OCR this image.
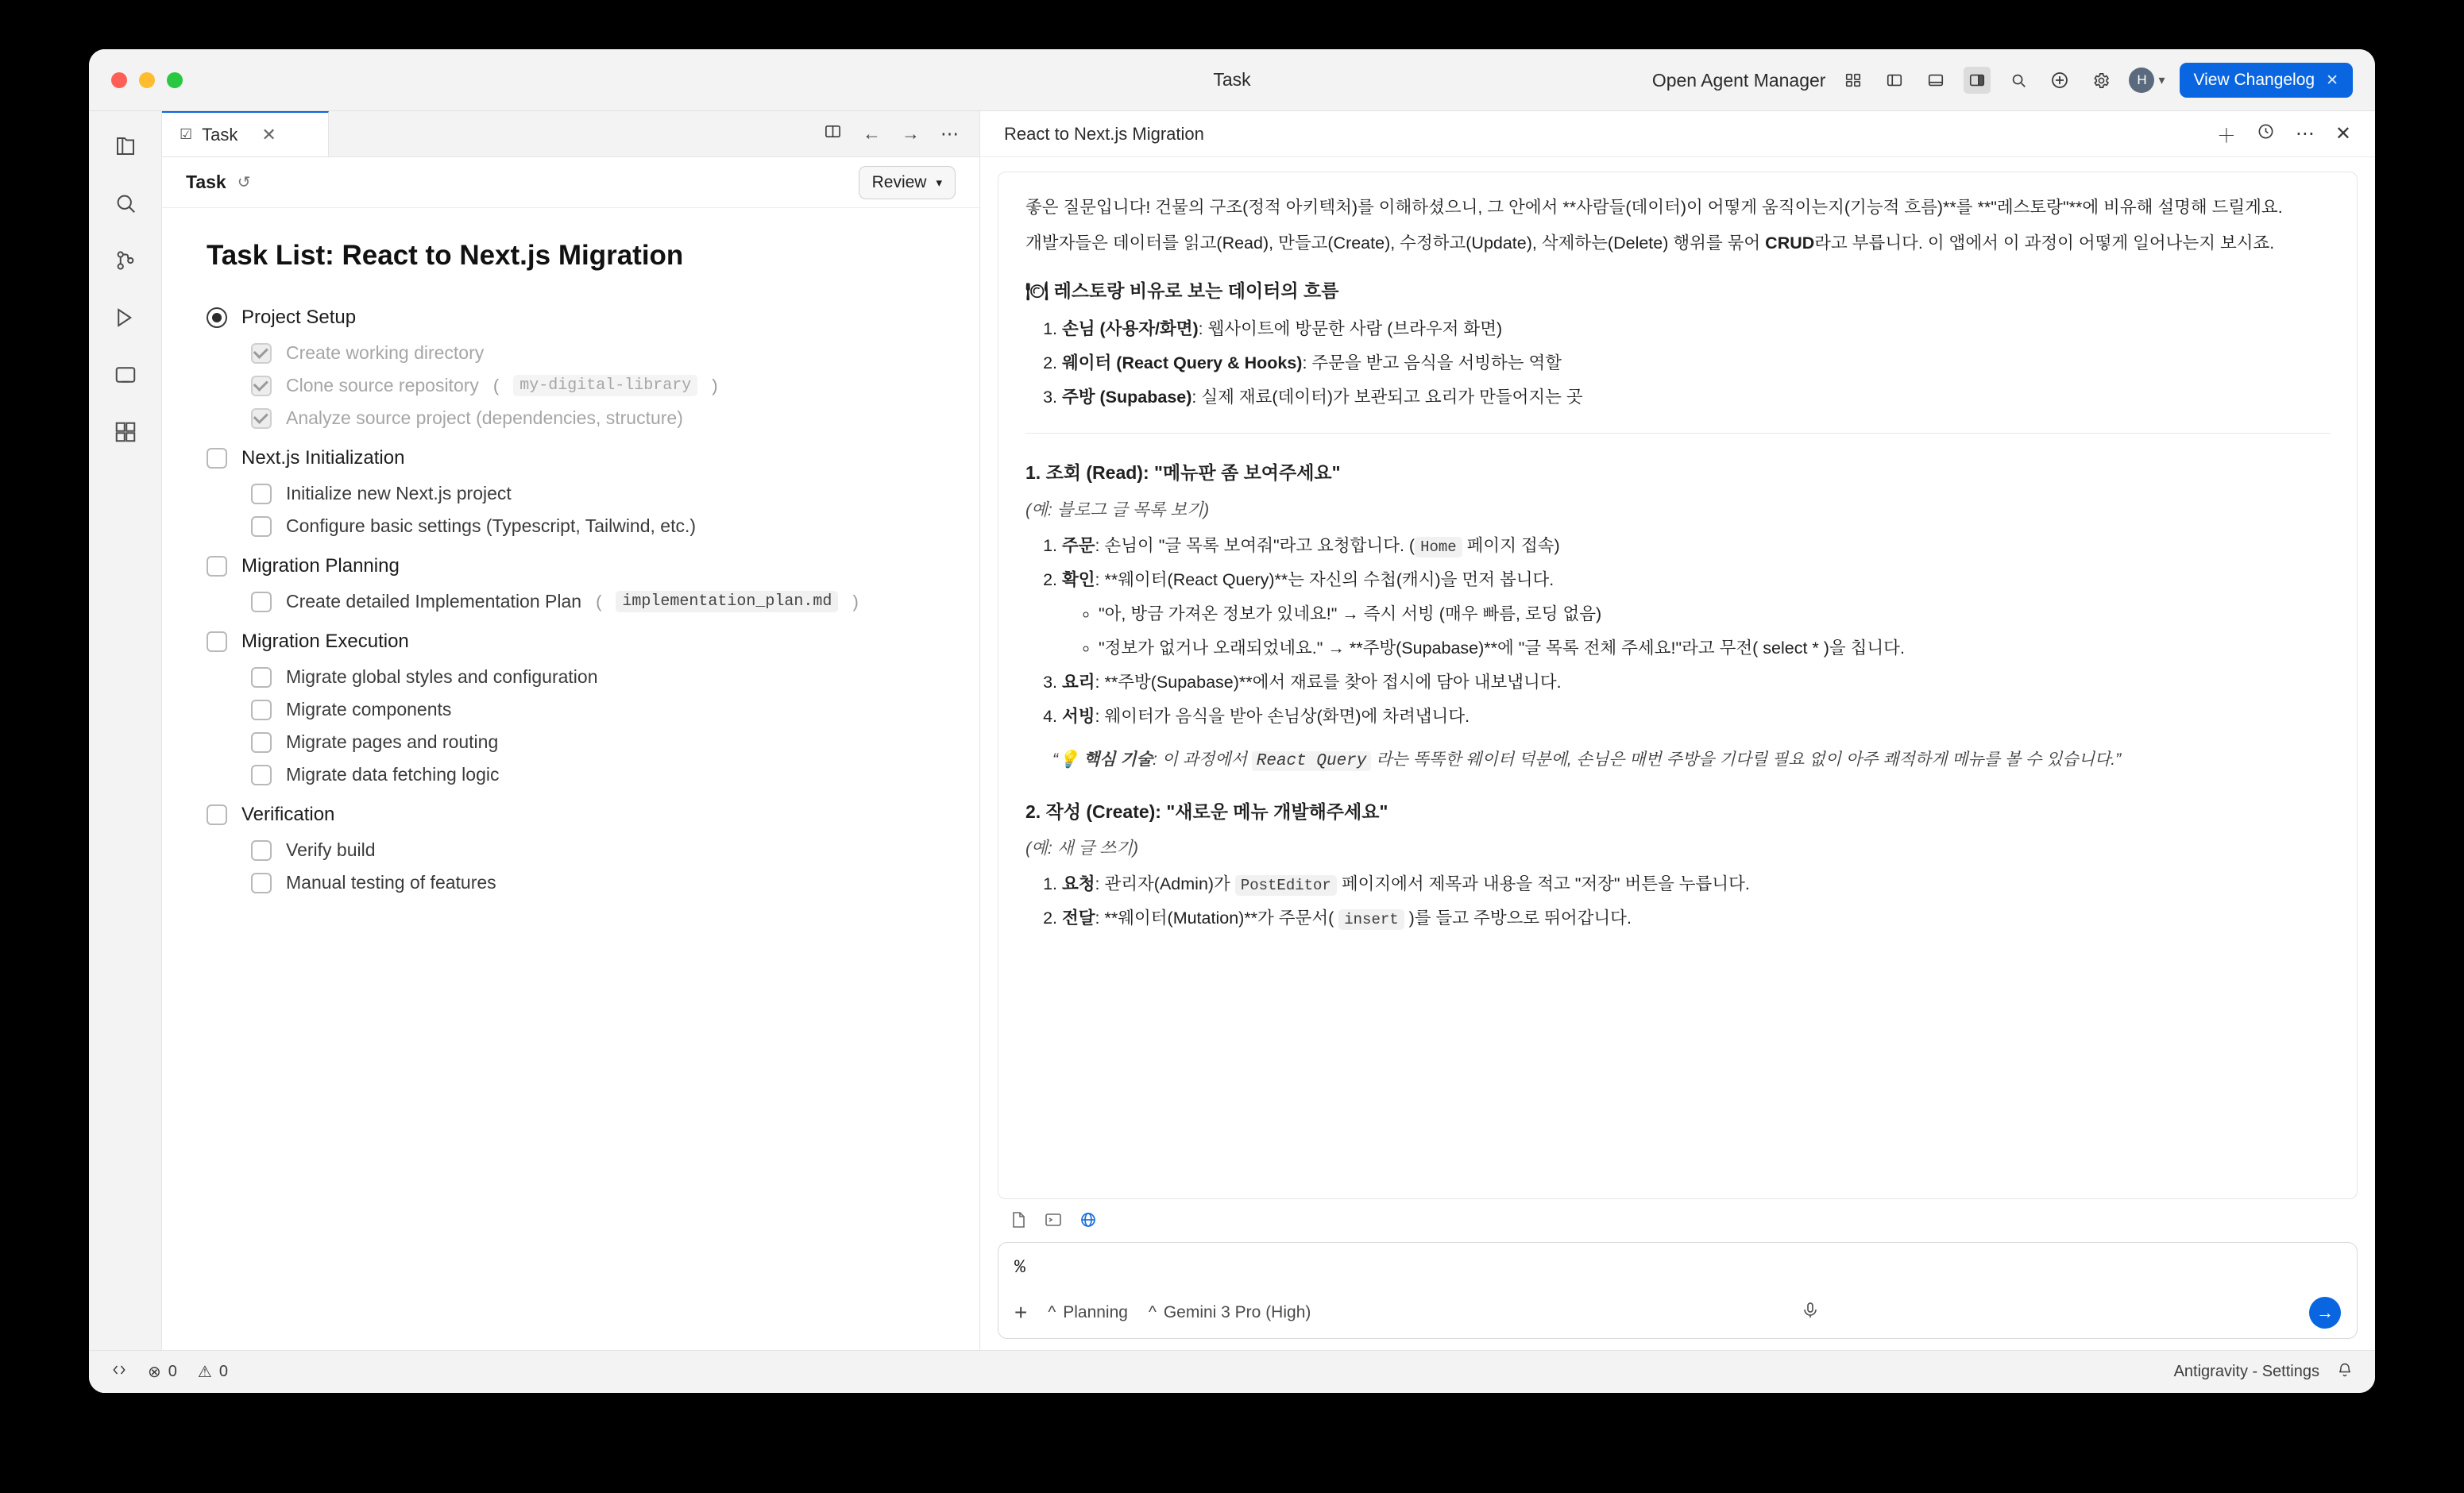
Task	Open Agent Manager	H ▾ View Changelog ✕
☑ Task ✕	← → ⋯
Task ↺	Review ▾
Task List: React to Next.js Migration
Project Setup
Create working directory
Clone source repository (	my-digital-library	)
Analyze source project (dependencies, structure)
Next.js Initialization
Initialize new Next.js project
Configure basic settings (Typescript, Tailwind, etc.)
Migration Planning
Create detailed Implementation Plan (	implementation_plan.md	)
Migration Execution
Migrate global styles and configuration
Migrate components
Migrate pages and routing
Migrate data fetching logic
Verification
Verify build
Manual testing of features
React to Next.js Migration	＋	⋯ ✕

좋은 질문입니다! 건물의 구조(정적 아키텍처)를 이해하셨으니, 그 안에서 **사람들(데이터)이 어떻게 움직이는지(기능적 흐름)**를 **"레스토랑"**에 비유해 설명해 드릴게요.

개발자들은 데이터를 읽고(Read), 만들고(Create), 수정하고(Update), 삭제하는(Delete) 행위를 묶어 CRUD라고 부릅니다. 이 앱에서 이 과정이 어떻게 일어나는지 보시죠.

🍽 레스토랑 비유로 보는 데이터의 흐름
1. 손님 (사용자/화면): 웹사이트에 방문한 사람 (브라우저 화면)
2. 웨이터 (React Query & Hooks): 주문을 받고 음식을 서빙하는 역할
3. 주방 (Supabase): 실제 재료(데이터)가 보관되고 요리가 만들어지는 곳
1. 조회 (Read): "메뉴판 좀 보여주세요"

(예: 블로그 글 목록 보기)

1. 주문: 손님이 "글 목록 보여줘"라고 요청합니다. ( Home 페이지 접속)
2. 확인: **웨이터(React Query)**는 자신의 수첩(캐시)을 먼저 봅니다.
◦ "아, 방금 가져온 정보가 있네요!" → 즉시 서빙 (매우 빠름, 로딩 없음)
◦ "정보가 없거나 오래되었네요." → **주방(Supabase)**에 "글 목록 전체 주세요!"라고 무전( select * )을 칩니다.
3. 요리: **주방(Supabase)**에서 재료를 찾아 접시에 담아 내보냅니다.
4. 서빙: 웨이터가 음식을 받아 손님상(화면)에 차려냅니다.
“💡 핵심 기술: 이 과정에서 React Query 라는 똑똑한 웨이터 덕분에, 손님은 매번 주방을 기다릴 필요 없이 아주 쾌적하게 메뉴를 볼 수 있습니다.”
2. 작성 (Create): "새로운 메뉴 개발해주세요"

(예: 새 글 쓰기)

1. 요청: 관리자(Admin)가 PostEditor 페이지에서 제목과 내용을 적고 "저장" 버튼을 누릅니다.
2. 전달: **웨이터(Mutation)**가 주문서( insert )를 들고 주방으로 뛰어갑니다.
%
+ ^ Planning ^ Gemini 3 Pro (High)	→
⊗ 0 ⚠ 0	Antigravity - Settings
